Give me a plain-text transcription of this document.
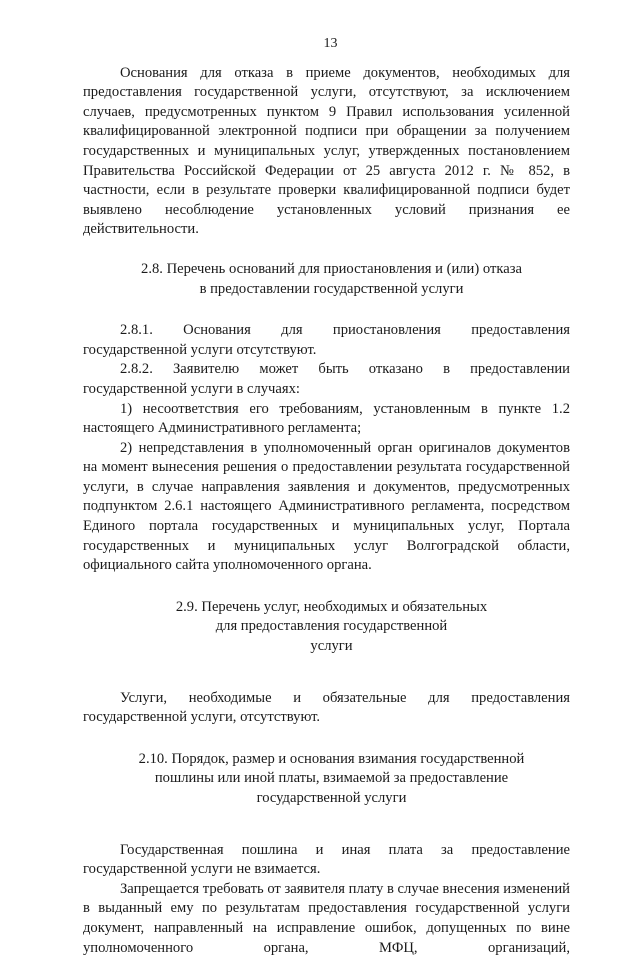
13

Основания для отказа в приеме документов, необходимых для предоставления государственной услуги, отсутствуют, за исключением случаев, предусмотренных пунктом 9 Правил использования усиленной квалифицированной электронной подписи при обращении за получением государственных и муниципальных услуг, утвержденных постановлением Правительства Российской Федерации от 25 августа 2012 г. № 852, в частности, если в результате проверки квалифицированной подписи будет выявлено несоблюдение установленных условий признания ее действительности.

2.8. Перечень оснований для приостановления и (или) отказа
в предоставлении государственной услуги

2.8.1. Основания для приостановления предоставления государственной услуги отсутствуют.

2.8.2. Заявителю может быть отказано в предоставлении государственной услуги в случаях:

1) несоответствия его требованиям, установленным в пункте 1.2 настоящего Административного регламента;

2) непредставления в уполномоченный орган оригиналов документов на момент вынесения решения о предоставлении результата государственной услуги, в случае направления заявления и документов, предусмотренных подпунктом 2.6.1 настоящего Административного регламента, посредством Единого портала государственных и муниципальных услуг, Портала государственных и муниципальных услуг Волгоградской области, официального сайта уполномоченного органа.

2.9. Перечень услуг, необходимых и обязательных
для предоставления государственной
услуги

Услуги, необходимые и обязательные для предоставления государственной услуги, отсутствуют.

2.10. Порядок, размер и основания взимания государственной
пошлины или иной платы, взимаемой за предоставление
государственной услуги

Государственная пошлина и иная плата за предоставление государственной услуги не взимается.

Запрещается требовать от заявителя плату в случае внесения изменений в выданный ему по результатам предоставления государственной услуги документ, направленный на исправление ошибок, допущенных по вине уполномоченного органа, МФЦ, организаций,
